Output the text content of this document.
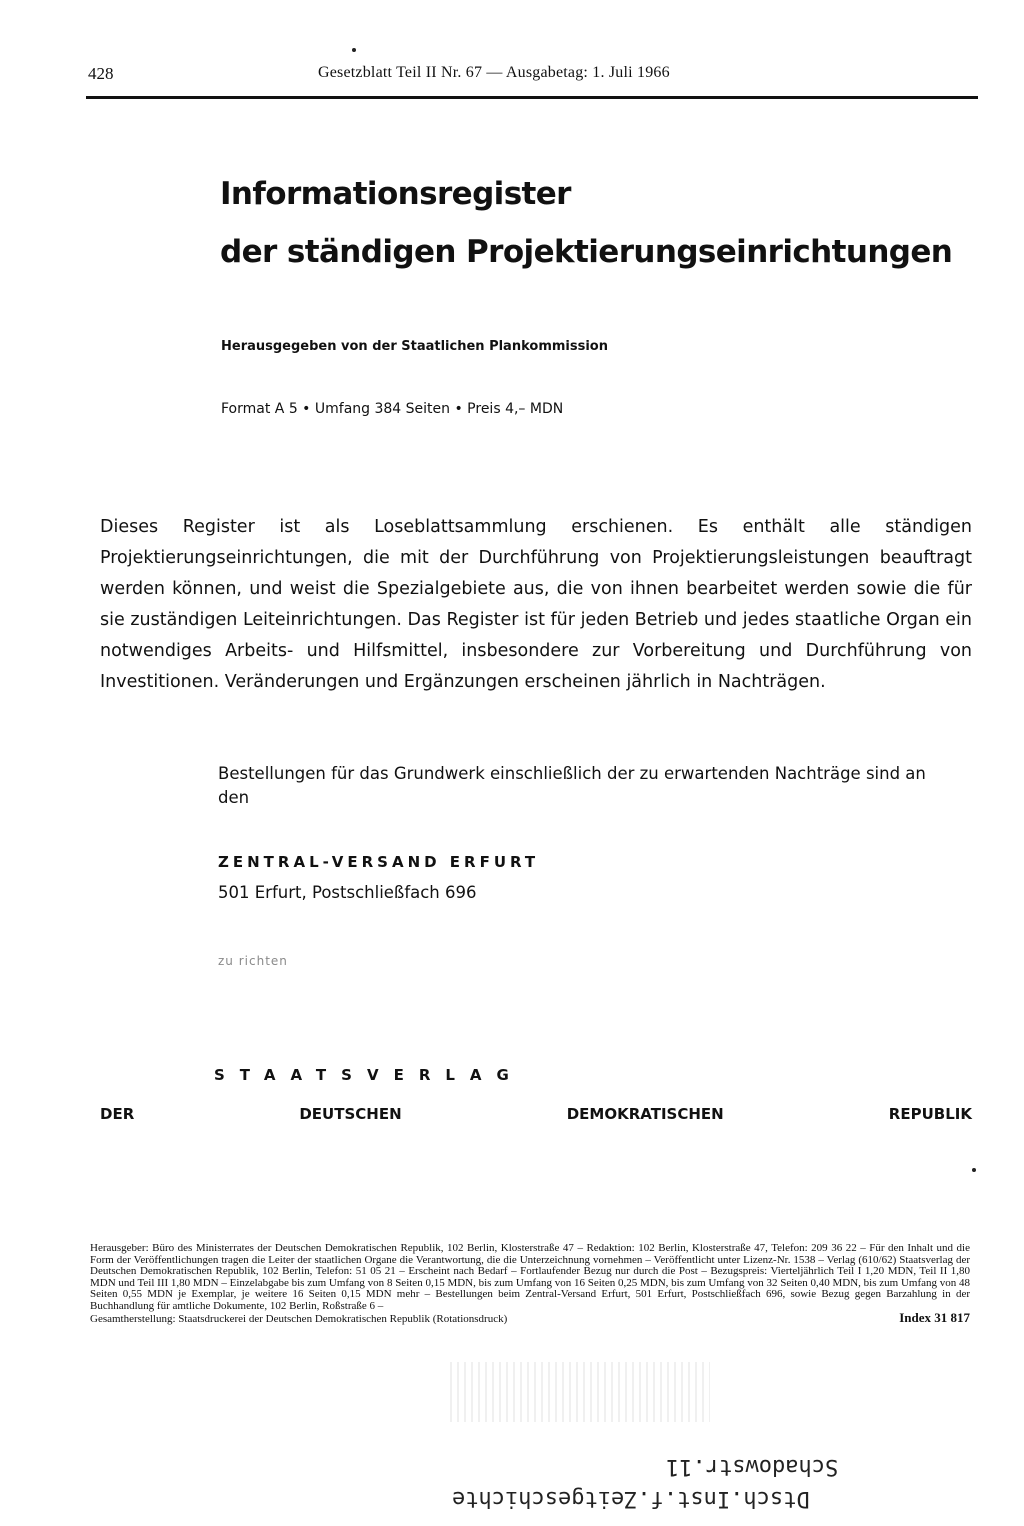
428	Gesetzblatt Teil II Nr. 67 — Ausgabetag: 1. Juli 1966
Informationsregister
der ständigen Projektierungseinrichtungen
Herausgegeben von der Staatlichen Plankommission
Format A 5 • Umfang 384 Seiten • Preis 4,– MDN
Dieses Register ist als Loseblattsammlung erschienen. Es enthält alle ständigen Projektierungseinrichtungen, die mit der Durchführung von Projektierungsleistungen beauftragt werden können, und weist die Spezialgebiete aus, die von ihnen bearbeitet werden sowie die für sie zuständigen Leiteinrichtungen. Das Register ist für jeden Betrieb und jedes staatliche Organ ein notwendiges Arbeits- und Hilfsmittel, insbesondere zur Vorbereitung und Durchführung von Investitionen. Veränderungen und Ergänzungen erscheinen jährlich in Nachträgen.
Bestellungen für das Grundwerk einschließlich der zu erwartenden Nachträge sind an den
ZENTRAL-VERSAND ERFURT
501 Erfurt, Postschließfach 696
zu richten
STAATSVERLAG
DER	DEUTSCHEN	DEMOKRATISCHEN	REPUBLIK
Herausgeber: Büro des Ministerrates der Deutschen Demokratischen Republik, 102 Berlin, Klosterstraße 47 – Redaktion: 102 Berlin, Klosterstraße 47, Telefon: 209 36 22 – Für den Inhalt und die Form der Veröffentlichungen tragen die Leiter der staatlichen Organe die Verantwortung, die die Unterzeichnung vornehmen – Veröffentlicht unter Lizenz-Nr. 1538 – Verlag (610/62) Staatsverlag der Deutschen Demokratischen Republik, 102 Berlin, Telefon: 51 05 21 – Erscheint nach Bedarf – Fortlaufender Bezug nur durch die Post – Bezugspreis: Vierteljährlich Teil I 1,20 MDN, Teil II 1,80 MDN und Teil III 1,80 MDN – Einzelabgabe bis zum Umfang von 8 Seiten 0,15 MDN, bis zum Umfang von 16 Seiten 0,25 MDN, bis zum Umfang von 32 Seiten 0,40 MDN, bis zum Umfang von 48 Seiten 0,55 MDN je Exemplar, je weitere 16 Seiten 0,15 MDN mehr – Bestellungen beim Zentral-Versand Erfurt, 501 Erfurt, Postschließfach 696, sowie Bezug gegen Barzahlung in der Buchhandlung für amtliche Dokumente, 102 Berlin, Roßstraße 6 –
Gesamtherstellung: Staatsdruckerei der Deutschen Demokratischen Republik (Rotationsdruck)	Index 31 817
Schadowstr.11
Dtsch.Inst.f.Zeitgeschichte
